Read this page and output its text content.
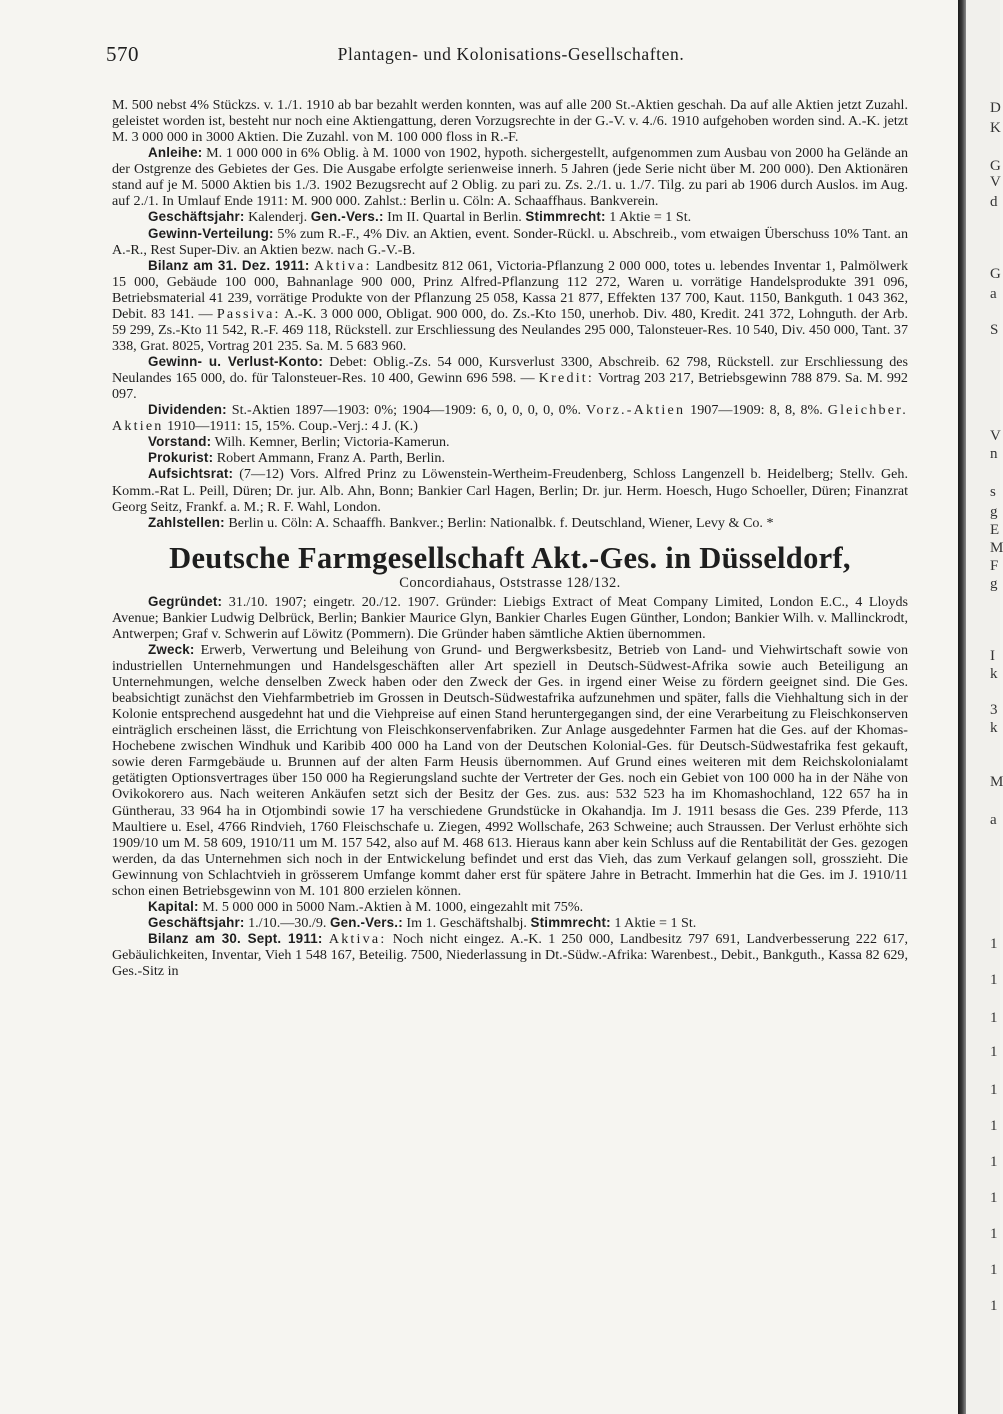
570	Plantagen- und Kolonisations-Gesellschaften.

M. 500 nebst 4% Stückzs. v. 1./1. 1910 ab bar bezahlt werden konnten, was auf alle 200 St.-Aktien geschah. Da auf alle Aktien jetzt Zuzahl. geleistet worden ist, besteht nur noch eine Aktiengattung, deren Vorzugsrechte in der G.-V. v. 4./6. 1910 aufgehoben worden sind. A.-K. jetzt M. 3 000 000 in 3000 Aktien. Die Zuzahl. von M. 100 000 floss in R.-F.

Anleihe: M. 1 000 000 in 6% Oblig. à M. 1000 von 1902, hypoth. sichergestellt, aufgenommen zum Ausbau von 2000 ha Gelände an der Ostgrenze des Gebietes der Ges. Die Ausgabe erfolgte serienweise innerh. 5 Jahren (jede Serie nicht über M. 200 000). Den Aktionären stand auf je M. 5000 Aktien bis 1./3. 1902 Bezugsrecht auf 2 Oblig. zu pari zu. Zs. 2./1. u. 1./7. Tilg. zu pari ab 1906 durch Auslos. im Aug. auf 2./1. In Umlauf Ende 1911: M. 900 000. Zahlst.: Berlin u. Cöln: A. Schaaffhaus. Bankverein.

Geschäftsjahr: Kalenderj. Gen.-Vers.: Im II. Quartal in Berlin. Stimmrecht: 1 Aktie = 1 St.

Gewinn-Verteilung: 5% zum R.-F., 4% Div. an Aktien, event. Sonder-Rückl. u. Abschreib., vom etwaigen Überschuss 10% Tant. an A.-R., Rest Super-Div. an Aktien bezw. nach G.-V.-B.

Bilanz am 31. Dez. 1911: Aktiva: Landbesitz 812 061, Victoria-Pflanzung 2 000 000, totes u. lebendes Inventar 1, Palmölwerk 15 000, Gebäude 100 000, Bahnanlage 900 000, Prinz Alfred-Pflanzung 112 272, Waren u. vorrätige Handelsprodukte 391 096, Betriebsmaterial 41 239, vorrätige Produkte von der Pflanzung 25 058, Kassa 21 877, Effekten 137 700, Kaut. 1150, Bankguth. 1 043 362, Debit. 83 141. — Passiva: A.-K. 3 000 000, Obligat. 900 000, do. Zs.-Kto 150, unerhob. Div. 480, Kredit. 241 372, Lohnguth. der Arb. 59 299, Zs.-Kto 11 542, R.-F. 469 118, Rückstell. zur Erschliessung des Neulandes 295 000, Talonsteuer-Res. 10 540, Div. 450 000, Tant. 37 338, Grat. 8025, Vortrag 201 235. Sa. M. 5 683 960.

Gewinn- u. Verlust-Konto: Debet: Oblig.-Zs. 54 000, Kursverlust 3300, Abschreib. 62 798, Rückstell. zur Erschliessung des Neulandes 165 000, do. für Talonsteuer-Res. 10 400, Gewinn 696 598. — Kredit: Vortrag 203 217, Betriebsgewinn 788 879. Sa. M. 992 097.

Dividenden: St.-Aktien 1897—1903: 0%; 1904—1909: 6, 0, 0, 0, 0, 0%. Vorz.-Aktien 1907—1909: 8, 8, 8%. Gleichber. Aktien 1910—1911: 15, 15%. Coup.-Verj.: 4 J. (K.)

Vorstand: Wilh. Kemner, Berlin; Victoria-Kamerun.

Prokurist: Robert Ammann, Franz A. Parth, Berlin.

Aufsichtsrat: (7—12) Vors. Alfred Prinz zu Löwenstein-Wertheim-Freudenberg, Schloss Langenzell b. Heidelberg; Stellv. Geh. Komm.-Rat L. Peill, Düren; Dr. jur. Alb. Ahn, Bonn; Bankier Carl Hagen, Berlin; Dr. jur. Herm. Hoesch, Hugo Schoeller, Düren; Finanzrat Georg Seitz, Frankf. a. M.; R. F. Wahl, London.

Zahlstellen: Berlin u. Cöln: A. Schaaffh. Bankver.; Berlin: Nationalbk. f. Deutschland, Wiener, Levy & Co. *

Deutsche Farmgesellschaft Akt.-Ges. in Düsseldorf,
Concordiahaus, Oststrasse 128/132.

Gegründet: 31./10. 1907; eingetr. 20./12. 1907. Gründer: Liebigs Extract of Meat Company Limited, London E.C., 4 Lloyds Avenue; Bankier Ludwig Delbrück, Berlin; Bankier Maurice Glyn, Bankier Charles Eugen Günther, London; Bankier Wilh. v. Mallinckrodt, Antwerpen; Graf v. Schwerin auf Löwitz (Pommern). Die Gründer haben sämtliche Aktien übernommen.

Zweck: Erwerb, Verwertung und Beleihung von Grund- und Bergwerksbesitz, Betrieb von Land- und Viehwirtschaft sowie von industriellen Unternehmungen und Handelsgeschäften aller Art speziell in Deutsch-Südwest-Afrika sowie auch Beteiligung an Unternehmungen, welche denselben Zweck haben oder den Zweck der Ges. in irgend einer Weise zu fördern geeignet sind. Die Ges. beabsichtigt zunächst den Viehfarmbetrieb im Grossen in Deutsch-Südwestafrika aufzunehmen und später, falls die Viehhaltung sich in der Kolonie entsprechend ausgedehnt hat und die Viehpreise auf einen Stand heruntergegangen sind, der eine Verarbeitung zu Fleischkonserven einträglich erscheinen lässt, die Errichtung von Fleischkonservenfabriken. Zur Anlage ausgedehnter Farmen hat die Ges. auf der Khomas-Hochebene zwischen Windhuk und Karibib 400 000 ha Land von der Deutschen Kolonial-Ges. für Deutsch-Südwestafrika fest gekauft, sowie deren Farmgebäude u. Brunnen auf der alten Farm Heusis übernommen. Auf Grund eines weiteren mit dem Reichskolonialamt getätigten Optionsvertrages über 150 000 ha Regierungsland suchte der Vertreter der Ges. noch ein Gebiet von 100 000 ha in der Nähe von Ovikokorero aus. Nach weiteren Ankäufen setzt sich der Besitz der Ges. zus. aus: 532 523 ha im Khomashochland, 122 657 ha in Güntherau, 33 964 ha in Otjombindi sowie 17 ha verschiedene Grundstücke in Okahandja. Im J. 1911 besass die Ges. 239 Pferde, 113 Maultiere u. Esel, 4766 Rindvieh, 1760 Fleischschafe u. Ziegen, 4992 Wollschafe, 263 Schweine; auch Straussen. Der Verlust erhöhte sich 1909/10 um M. 58 609, 1910/11 um M. 157 542, also auf M. 468 613. Hieraus kann aber kein Schluss auf die Rentabilität der Ges. gezogen werden, da das Unternehmen sich noch in der Entwickelung befindet und erst das Vieh, das zum Verkauf gelangen soll, grosszieht. Die Gewinnung von Schlachtvieh in grösserem Umfange kommt daher erst für spätere Jahre in Betracht. Immerhin hat die Ges. im J. 1910/11 schon einen Betriebsgewinn von M. 101 800 erzielen können.

Kapital: M. 5 000 000 in 5000 Nam.-Aktien à M. 1000, eingezahlt mit 75%.

Geschäftsjahr: 1./10.—30./9. Gen.-Vers.: Im 1. Geschäftshalbj. Stimmrecht: 1 Aktie = 1 St.

Bilanz am 30. Sept. 1911: Aktiva: Noch nicht eingez. A.-K. 1 250 000, Landbesitz 797 691, Landverbesserung 222 617, Gebäulichkeiten, Inventar, Vieh 1 548 167, Beteilig. 7500, Niederlassung in Dt.-Südw.-Afrika: Warenbest., Debit., Bankguth., Kassa 82 629, Ges.-Sitz in

D
K
G
V
d
G
a
S
V
n
s
g
E
M
F
g
I
k
3
k
M
a
1
1
1
1
1
1
1
1
1
1
1
